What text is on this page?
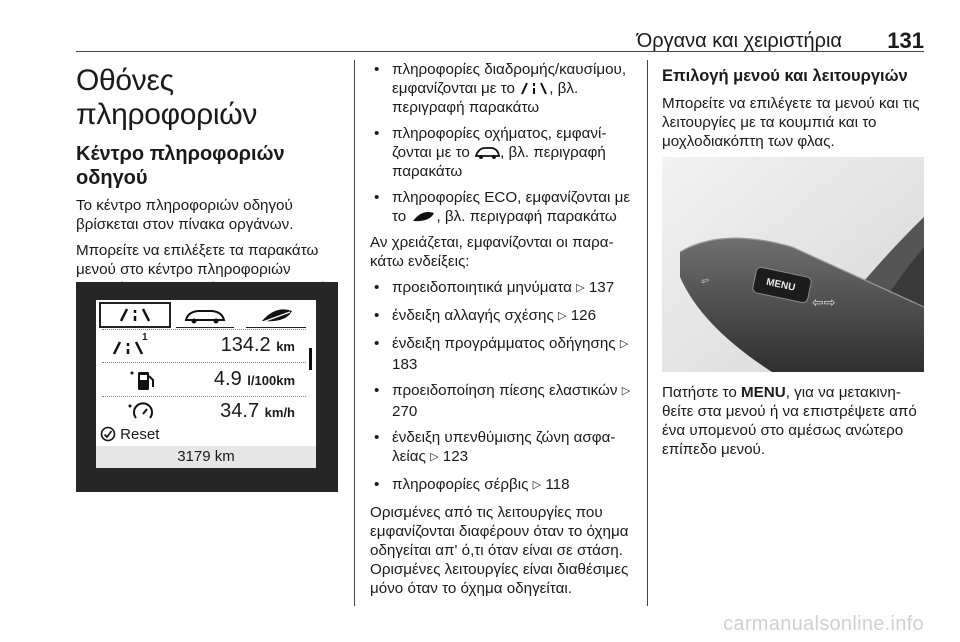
Όργανα και χειριστήρια 131
Οθόνες πληροφοριών
Κέντρο πληροφοριών οδηγού

Το κέντρο πληροφοριών οδηγού βρίσκεται στον πίνακα οργάνων.

Μπορείτε να επιλέξετε τα παρακάτω μενού στο κέντρο πληροφοριών

1	134.2 km
4.9 l/100km
34.7 km/h
Reset
3179 km
• πληροφορίες διαδρομής/καυσίμου, εμφανίζονται με το , βλ. περιγραφή παρακάτω
• πληροφορίες οχήματος, εμφανίζονται με το , βλ. περιγραφή παρακάτω
• πληροφορίες ECO, εμφανίζονται με το , βλ. περιγραφή παρακάτω

Αν χρειάζεται, εμφανίζονται οι παρακάτω ενδείξεις:

• προειδοποιητικά μηνύματα ▷ 137
• ένδειξη αλλαγής σχέσης ▷ 126
• ένδειξη προγράμματος οδήγησης ▷ 183
• προειδοποίηση πίεσης ελαστικών ▷ 270
• ένδειξη υπενθύμισης ζώνη ασφαλείας ▷ 123
• πληροφορίες σέρβις ▷ 118

Ορισμένες από τις λειτουργίες που εμφανίζονται διαφέρουν όταν το όχημα οδηγείται απ' ό,τι όταν είναι σε στάση. Ορισμένες λειτουργίες είναι διαθέσιμες μόνο όταν το όχημα οδηγείται.

Επιλογή μενού και λειτουργιών

Μπορείτε να επιλέγετε τα μενού και τις λειτουργίες με τα κουμπιά και το μοχλοδιακόπτη των φλας.

⇦	MENU
⇦⇨

Πατήστε το MENU, για να μετακινηθείτε στα μενού ή να επιστρέψετε από ένα υπομενού στο αμέσως ανώτερο επίπεδο μενού.

carmanualsonline.info
